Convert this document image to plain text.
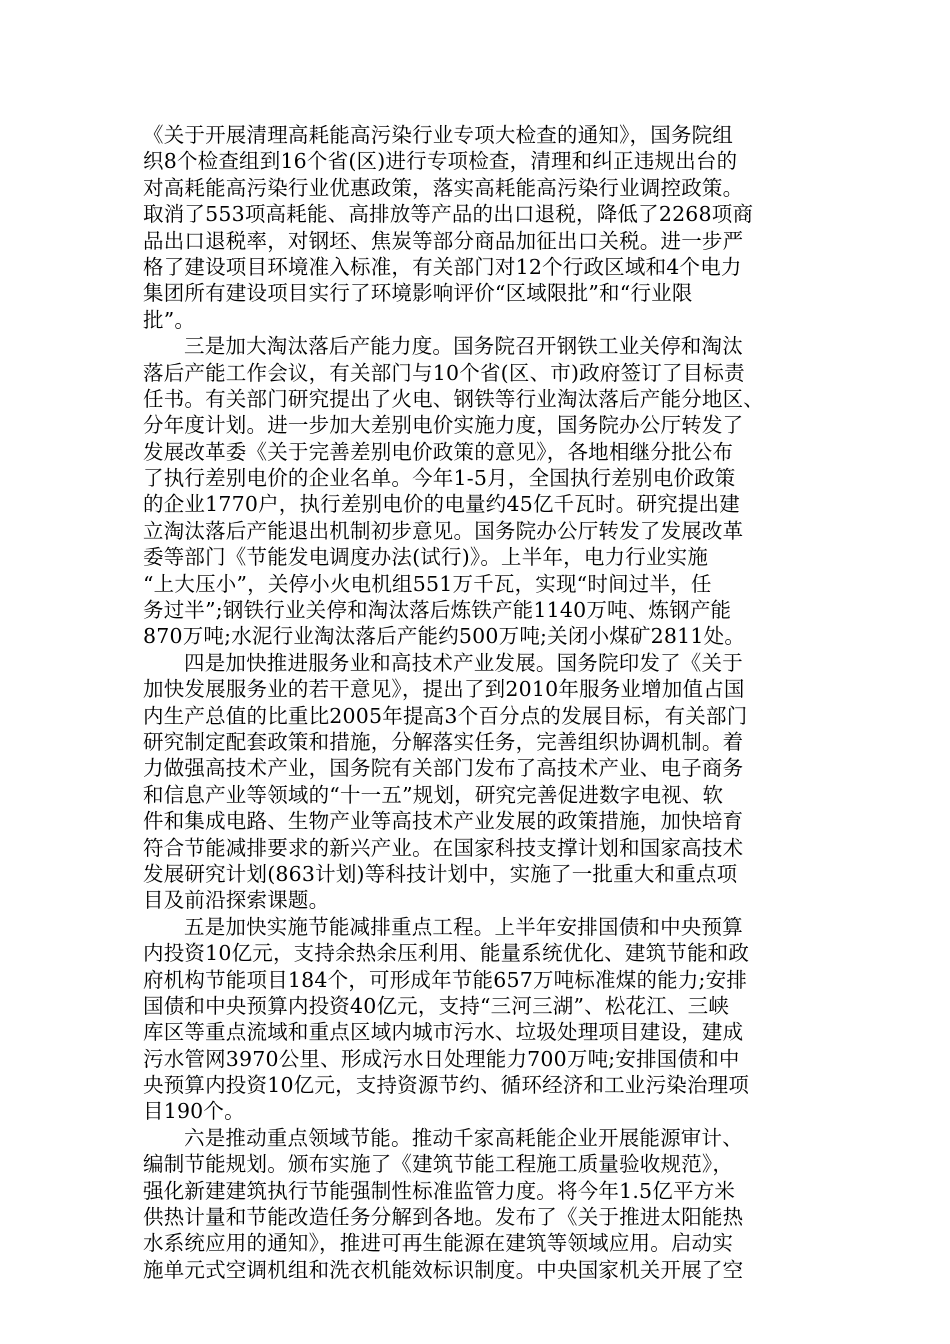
《关于开展清理高耗能高污染行业专项大检查的通知》，国务院组
织8个检查组到16个省(区)进行专项检查，清理和纠正违规出台的
对高耗能高污染行业优惠政策，落实高耗能高污染行业调控政策。
取消了553项高耗能、高排放等产品的出口退税，降低了2268项商
品出口退税率，对钢坯、焦炭等部分商品加征出口关税。进一步严
格了建设项目环境准入标准，有关部门对12个行政区域和4个电力
集团所有建设项目实行了环境影响评价“区域限批”和“行业限
批”。
三是加大淘汰落后产能力度。国务院召开钢铁工业关停和淘汰
落后产能工作会议，有关部门与10个省(区、市)政府签订了目标责
任书。有关部门研究提出了火电、钢铁等行业淘汰落后产能分地区、
分年度计划。进一步加大差别电价实施力度，国务院办公厅转发了
发展改革委《关于完善差别电价政策的意见》，各地相继分批公布
了执行差别电价的企业名单。今年1-5月，全国执行差别电价政策
的企业1770户，执行差别电价的电量约45亿千瓦时。研究提出建
立淘汰落后产能退出机制初步意见。国务院办公厅转发了发展改革
委等部门《节能发电调度办法(试行)》。上半年，电力行业实施
“上大压小”，关停小火电机组551万千瓦，实现“时间过半，任
务过半”;钢铁行业关停和淘汰落后炼铁产能1140万吨、炼钢产能
870万吨;水泥行业淘汰落后产能约500万吨;关闭小煤矿2811处。
四是加快推进服务业和高技术产业发展。国务院印发了《关于
加快发展服务业的若干意见》，提出了到2010年服务业增加值占国
内生产总值的比重比2005年提高3个百分点的发展目标，有关部门
研究制定配套政策和措施，分解落实任务，完善组织协调机制。着
力做强高技术产业，国务院有关部门发布了高技术产业、电子商务
和信息产业等领域的“十一五”规划，研究完善促进数字电视、软
件和集成电路、生物产业等高技术产业发展的政策措施，加快培育
符合节能减排要求的新兴产业。在国家科技支撑计划和国家高技术
发展研究计划(863计划)等科技计划中，实施了一批重大和重点项
目及前沿探索课题。
五是加快实施节能减排重点工程。上半年安排国债和中央预算
内投资10亿元，支持余热余压利用、能量系统优化、建筑节能和政
府机构节能项目184个，可形成年节能657万吨标准煤的能力;安排
国债和中央预算内投资40亿元，支持“三河三湖”、松花江、三峡
库区等重点流域和重点区域内城市污水、垃圾处理项目建设，建成
污水管网3970公里、形成污水日处理能力700万吨;安排国债和中
央预算内投资10亿元，支持资源节约、循环经济和工业污染治理项
目190个。
六是推动重点领域节能。推动千家高耗能企业开展能源审计、
编制节能规划。颁布实施了《建筑节能工程施工质量验收规范》，
强化新建建筑执行节能强制性标准监管力度。将今年1.5亿平方米
供热计量和节能改造任务分解到各地。发布了《关于推进太阳能热
水系统应用的通知》，推进可再生能源在建筑等领域应用。启动实
施单元式空调机组和洗衣机能效标识制度。中央国家机关开展了空
